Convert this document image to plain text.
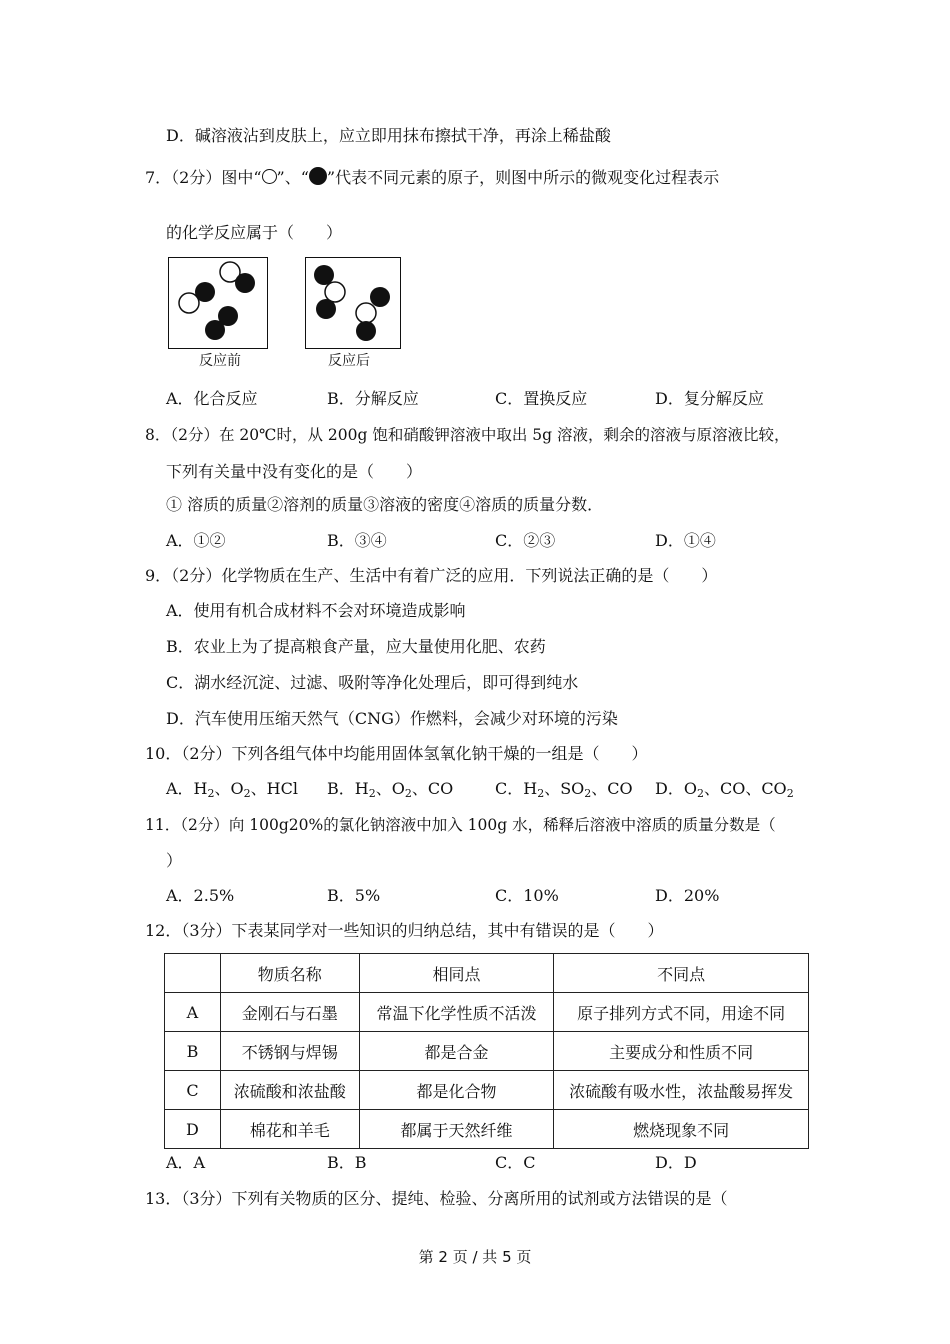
D．碱溶液沾到皮肤上，应立即用抹布擦拭干净，再涂上稀盐酸
7．（2分）图中“ ”、“ ”代表不同元素的原子，则图中所示的微观变化过程表示
的化学反应属于（　　）
反应前	反应后
A．化合反应	B．分解反应	C．置换反应	D．复分解反应
8．（2分）在 20℃时，从 200g 饱和硝酸钾溶液中取出 5g 溶液，剩余的溶液与原溶液比较，
下列有关量中没有变化的是（　　）
① 溶质的质量②溶剂的质量③溶液的密度④溶质的质量分数．
A．①②	B．③④	C．②③	D．①④
9．（2分）化学物质在生产、生活中有着广泛的应用．下列说法正确的是（　　）
A．使用有机合成材料不会对环境造成影响
B．农业上为了提高粮食产量，应大量使用化肥、农药
C．湖水经沉淀、过滤、吸附等净化处理后，即可得到纯水
D．汽车使用压缩天然气（CNG）作燃料，会减少对环境的污染
10．（2分）下列各组气体中均能用固体氢氧化钠干燥的一组是（　　）
A．$H_2$、$O_2$、HCl B．$H_2$、$O_2$、CO	C．$H_2$、$SO_2$、CO D．$O_2$、CO、$CO_2$
11．（2分）向 100g20%的氯化钠溶液中加入 100g 水，稀释后溶液中溶质的质量分数是（
）
A．2.5%	B．5%	C．10%	D．20%
12．（3分）下表某同学对一些知识的归纳总结，其中有错误的是（　　）
	物质名称	相同点	不同点
A	金刚石与石墨	常温下化学性质不活泼	原子排列方式不同，用途不同
B	不锈钢与焊锡	都是合金	主要成分和性质不同
C	浓硫酸和浓盐酸	都是化合物	浓硫酸有吸水性，浓盐酸易挥发
D	棉花和羊毛	都属于天然纤维	燃烧现象不同
A．A	B．B	C．C	D．D
13．（3分）下列有关物质的区分、提纯、检验、分离所用的试剂或方法错误的是（
第 2 页 / 共 5 页
